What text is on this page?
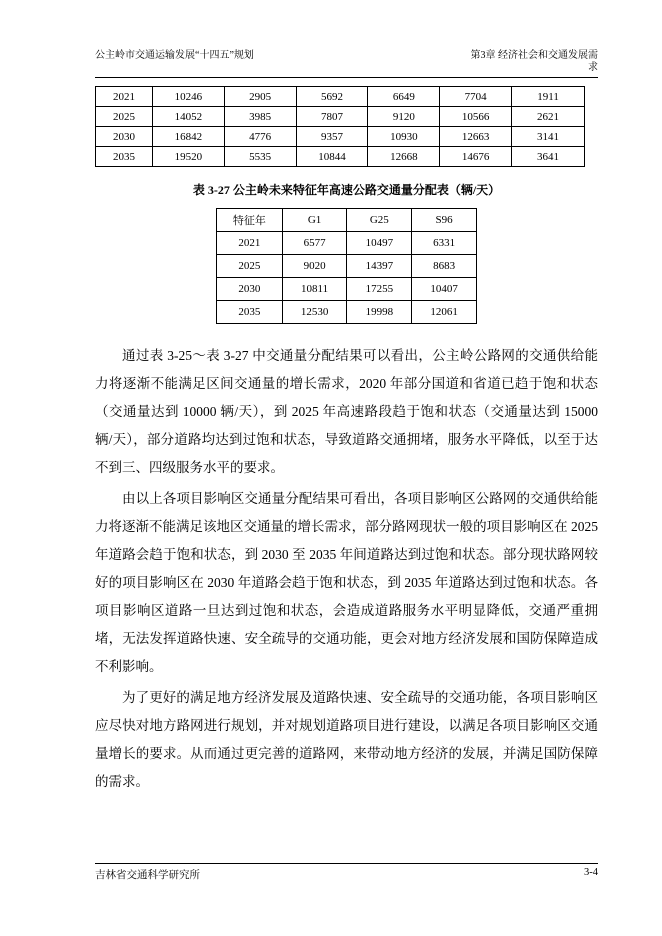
公主岭市交通运输发展“十四五”规划	第3章 经济社会和交通发展需
求
2021	10246	2905	5692	6649	7704	1911
2025	14052	3985	7807	9120	10566	2621
2030	16842	4776	9357	10930	12663	3141
2035	19520	5535	10844	12668	14676	3641
表 3-27 公主岭未来特征年高速公路交通量分配表（辆/天）
特征年	G1	G25	S96
2021	6577	10497	6331
2025	9020	14397	8683
2030	10811	17255	10407
2035	12530	19998	12061

通过表 3-25～表 3-27 中交通量分配结果可以看出，公主岭公路网的交通供给能力将逐渐不能满足区间交通量的增长需求，2020 年部分国道和省道已趋于饱和状态（交通量达到 10000 辆/天），到 2025 年高速路段趋于饱和状态（交通量达到 15000 辆/天），部分道路均达到过饱和状态，导致道路交通拥堵，服务水平降低，以至于达不到三、四级服务水平的要求。

由以上各项目影响区交通量分配结果可看出，各项目影响区公路网的交通供给能力将逐渐不能满足该地区交通量的增长需求，部分路网现状一般的项目影响区在 2025 年道路会趋于饱和状态，到 2030 至 2035 年间道路达到过饱和状态。部分现状路网较好的项目影响区在 2030 年道路会趋于饱和状态，到 2035 年道路达到过饱和状态。各项目影响区道路一旦达到过饱和状态，会造成道路服务水平明显降低，交通严重拥堵，无法发挥道路快速、安全疏导的交通功能，更会对地方经济发展和国防保障造成不利影响。

为了更好的满足地方经济发展及道路快速、安全疏导的交通功能，各项目影响区应尽快对地方路网进行规划，并对规划道路项目进行建设，以满足各项目影响区交通量增长的要求。从而通过更完善的道路网，来带动地方经济的发展，并满足国防保障的需求。

吉林省交通科学研究所	3-4
